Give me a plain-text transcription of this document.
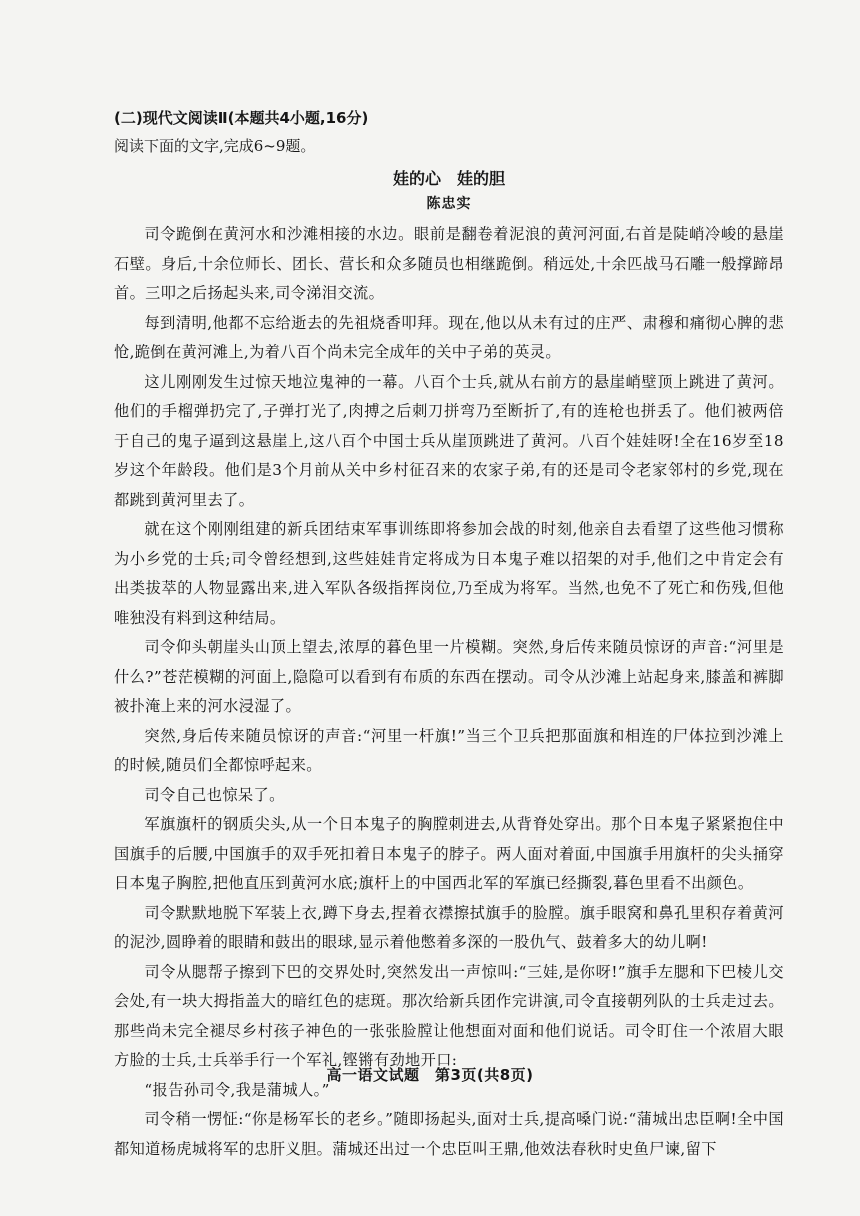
(二)现代文阅读Ⅱ(本题共4小题,16分)

阅读下面的文字,完成6~9题。

娃的心　娃的胆

陈忠实

司令跪倒在黄河水和沙滩相接的水边。眼前是翻卷着泥浪的黄河河面,右首是陡峭冷峻的悬崖石壁。身后,十余位师长、团长、营长和众多随员也相继跪倒。稍远处,十余匹战马石雕一般撑蹄昂首。三叩之后扬起头来,司令涕泪交流。

每到清明,他都不忘给逝去的先祖烧香叩拜。现在,他以从未有过的庄严、肃穆和痛彻心脾的悲怆,跪倒在黄河滩上,为着八百个尚未完全成年的关中子弟的英灵。

这儿刚刚发生过惊天地泣鬼神的一幕。八百个士兵,就从右前方的悬崖峭壁顶上跳进了黄河。他们的手榴弹扔完了,子弹打光了,肉搏之后刺刀拼弯乃至断折了,有的连枪也拼丢了。他们被两倍于自己的鬼子逼到这悬崖上,这八百个中国士兵从崖顶跳进了黄河。八百个娃娃呀!全在16岁至18岁这个年龄段。他们是3个月前从关中乡村征召来的农家子弟,有的还是司令老家邻村的乡党,现在都跳到黄河里去了。

就在这个刚刚组建的新兵团结束军事训练即将参加会战的时刻,他亲自去看望了这些他习惯称为小乡党的士兵;司令曾经想到,这些娃娃肯定将成为日本鬼子难以招架的对手,他们之中肯定会有出类拔萃的人物显露出来,进入军队各级指挥岗位,乃至成为将军。当然,也免不了死亡和伤残,但他唯独没有料到这种结局。

司令仰头朝崖头山顶上望去,浓厚的暮色里一片模糊。突然,身后传来随员惊讶的声音:“河里是什么?”苍茫模糊的河面上,隐隐可以看到有布质的东西在摆动。司令从沙滩上站起身来,膝盖和裤脚被扑淹上来的河水浸湿了。

突然,身后传来随员惊讶的声音:“河里一杆旗!”当三个卫兵把那面旗和相连的尸体拉到沙滩上的时候,随员们全都惊呼起来。

司令自己也惊呆了。

军旗旗杆的钢质尖头,从一个日本鬼子的胸膛刺进去,从背脊处穿出。那个日本鬼子紧紧抱住中国旗手的后腰,中国旗手的双手死扣着日本鬼子的脖子。两人面对着面,中国旗手用旗杆的尖头捅穿日本鬼子胸腔,把他直压到黄河水底;旗杆上的中国西北军的军旗已经撕裂,暮色里看不出颜色。

司令默默地脱下军装上衣,蹲下身去,捏着衣襟擦拭旗手的脸膛。旗手眼窝和鼻孔里积存着黄河的泥沙,圆睁着的眼睛和鼓出的眼球,显示着他憋着多深的一股仇气、鼓着多大的幼儿啊!

司令从腮帮子擦到下巴的交界处时,突然发出一声惊叫:“三娃,是你呀!”旗手左腮和下巴棱儿交会处,有一块大拇指盖大的暗红色的痣斑。那次给新兵团作完讲演,司令直接朝列队的士兵走过去。那些尚未完全褪尽乡村孩子神色的一张张脸膛让他想面对面和他们说话。司令盯住一个浓眉大眼方脸的士兵,士兵举手行一个军礼,铿锵有劲地开口:

“报告孙司令,我是蒲城人。”

司令稍一愣怔:“你是杨军长的老乡。”随即扬起头,面对士兵,提高嗓门说:“蒲城出忠臣啊!全中国都知道杨虎城将军的忠肝义胆。蒲城还出过一个忠臣叫王鼎,他效法春秋时史鱼尸谏,留下

高一语文试题　第3页(共8页)
